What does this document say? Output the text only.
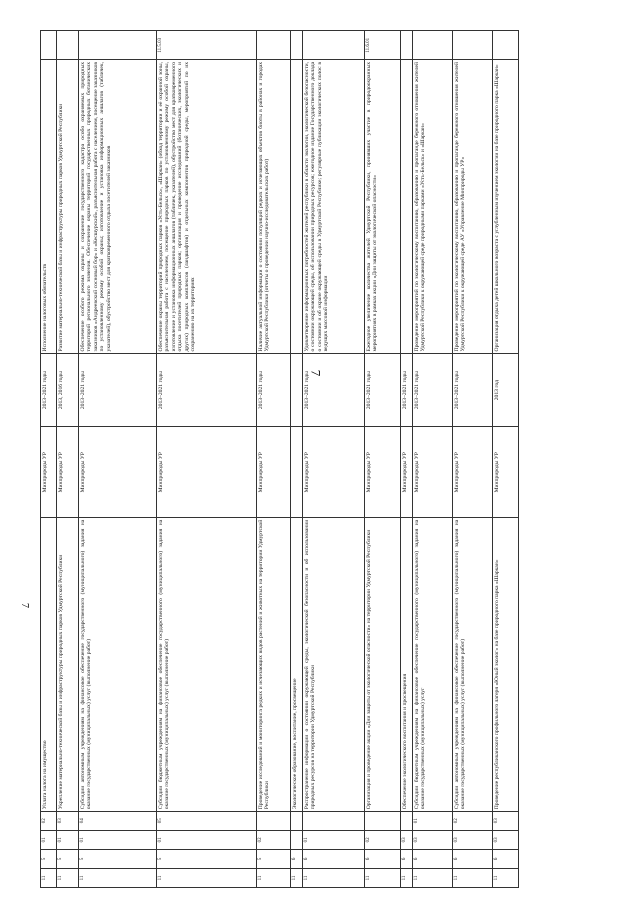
7
7
11	5	01	02	Уплата налога на имущество	Минприроды УР	2013–2021 годы	Исполнение налоговых обязательств	
11	5	01	03	Укрепление материально-технической базы и инфраструктуры природных парков Удмуртской Республики	Минприроды УР	2013, 2016 годы	Развитие материально-технической базы и инфраструктуры природных парков Удмуртской Республики	
11	5	01	04	Субсидии автономным учреждениям на финансовое обеспечение государственного (муниципального) задания на оказание государственных (муниципальных) услуг (выполнение работ)	Минприроды УР	2013–2021 годы	Обеспечение особого режима охраны и сохранение государственного кадастра особо охраняемых природных территорий регионального значения. Обеспечение охраны территорий государственных природных ботанических заказников «Андреевский сосновый бор» и «Кесшурский», разъяснительная работа с населением, посещение заказников по установленному режиму особой охраны; изготовление и установка информационных аншлагов (табличек, указателей), обустройство мест для кратковременного отдыха посетителей заказников	
11	5	01	05	Субсидии бюджетным учреждениям на финансовое обеспечение государственного (муниципального) задания на оказание государственных (муниципальных) услуг (выполнение работ)	Минприроды УР	2013–2021 годы	Обеспечение охраны территорий природных парков «Усть-Бельск», «Шаркан» (обход территории и её охранной зоны, разъяснительная работа с населением, посещение природных парков по установленному режиму особой охраны, изготовление и установка информационных аншлагов (табличек, указателей), обустройство мест для кратковременного отдыха посетителей природных парков; организация и проведение исследований (ботанических, экологических и других) природных комплексов (ландшафтов) и отдельных компонентов природной среды, мероприятий по их сохранению на их территориях	11.5.03
11	5	02		Проведение исследований и мониторинга редких и исчезающих видов растений и животных на территории Удмуртской Республики	Минприроды УР	2013–2021 годы	Наличие актуальной информации о состоянии популяций редких и исчезающих объектов биоты в районах и городах Удмуртской Республики (отчеты о проведении научно-исследовательских работ)	
11	6			Экологическое образование, воспитание, просвещение				
11	6	01		Распространение информации о состоянии окружающей среды, экологической безопасности и об использовании природных ресурсов на территории Удмуртской Республики	Минприроды УР	2013–2021 годы	Удовлетворение информационных потребностей жителей республики в области экологии, экологической безопасности, о состоянии окружающей среды, об использовании природных ресурсов; ежегодное издание Государственного доклада о состоянии и об охране окружающей среды в Удмуртской Республике; регулярные публикации экологических полос в ведущих массовой информации	
11	6	02		Организация и проведение акции «Дни защиты от экологической опасности» на территории Удмуртской Республики	Минприроды УР	2013–2021 годы	Ежегодное увеличение количества жителей Удмуртской Республики, принявших участие в природоохранных мероприятиях в рамках акции «Дни защиты от экологической опасности»	11.6.01
11	6	03		Обеспечение экологического воспитания и просвещения	Минприроды УР	2013–2021 годы		
11	6	03	01	Субсидии бюджетным учреждениям на финансовое обеспечение государственного (муниципального) задания на оказание государственных (муниципальных) услуг	Минприроды УР	2013–2021 годы	Проведение мероприятий по экологическому воспитанию, образованию и пропаганде бережного отношения жителей Удмуртской Республики к окружающей среде природными парками «Усть-Бельск» и «Шаркан»	
11	6	03	02	Субсидии автономным учреждениям на финансовое обеспечение государственного (муниципального) задания на оказание государственных (муниципальных) услуг (выполнение работ)	Минприроды УР	2013–2021 годы	Проведение мероприятий по экологическому воспитанию, образованию и пропаганде бережного отношения жителей Удмуртской Республики к окружающей среде АУ «Управление Минприроды УР»	
11	6	03	03	Проведение республиканского профильного лагеря «Юный эколог» на базе природного парка «Шаркан»	Минприроды УР	2013 год	Организация отдыха детей школьного возраста с углубленным изучением экологии на базе природного парка «Шаркан»	
